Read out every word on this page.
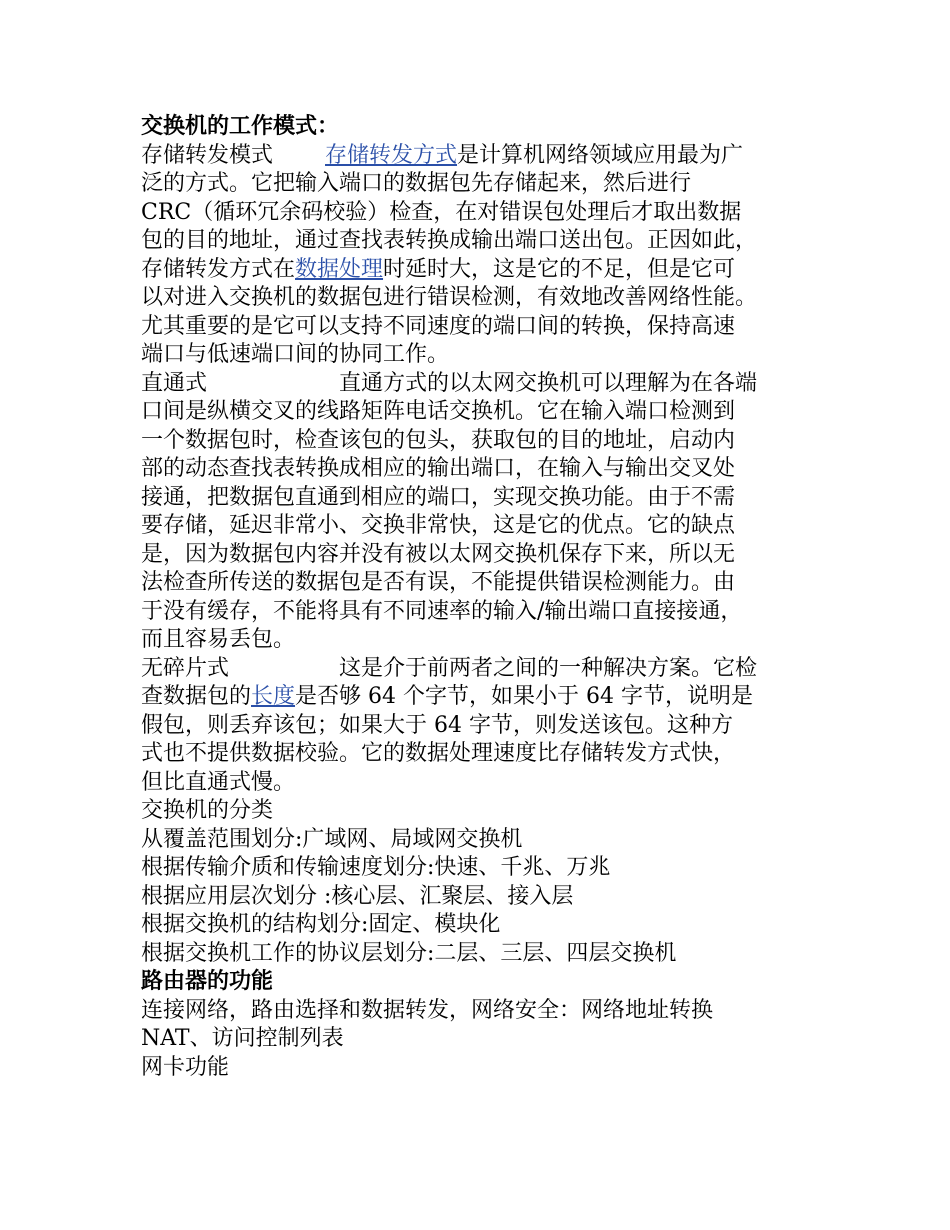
交换机的工作模式：
存储转发模式 存储转发方式是计算机网络领域应用最为广
泛的方式。它把输入端口的数据包先存储起来，然后进行
CRC（循环冗余码校验）检查，在对错误包处理后才取出数据
包的目的地址，通过查找表转换成输出端口送出包。正因如此，
存储转发方式在数据处理时延时大，这是它的不足，但是它可
以对进入交换机的数据包进行错误检测，有效地改善网络性能。
尤其重要的是它可以支持不同速度的端口间的转换，保持高速
端口与低速端口间的协同工作。
直通式	直通方式的以太网交换机可以理解为在各端
口间是纵横交叉的线路矩阵电话交换机。它在输入端口检测到
一个数据包时，检查该包的包头，获取包的目的地址，启动内
部的动态查找表转换成相应的输出端口，在输入与输出交叉处
接通，把数据包直通到相应的端口，实现交换功能。由于不需
要存储，延迟非常小、交换非常快，这是它的优点。它的缺点
是，因为数据包内容并没有被以太网交换机保存下来，所以无
法检查所传送的数据包是否有误，不能提供错误检测能力。由
于没有缓存，不能将具有不同速率的输入/输出端口直接接通，
而且容易丢包。
无碎片式	这是介于前两者之间的一种解决方案。它检
查数据包的长度是否够 64 个字节，如果小于 64 字节，说明是
假包，则丢弃该包；如果大于 64 字节，则发送该包。这种方
式也不提供数据校验。它的数据处理速度比存储转发方式快，
但比直通式慢。
交换机的分类
从覆盖范围划分:广域网、局域网交换机
根据传输介质和传输速度划分:快速、千兆、万兆
根据应用层次划分 :核心层、汇聚层、接入层
根据交换机的结构划分:固定、模块化
根据交换机工作的协议层划分:二层、三层、四层交换机
路由器的功能
连接网络，路由选择和数据转发，网络安全：网络地址转换
NAT、访问控制列表
网卡功能
